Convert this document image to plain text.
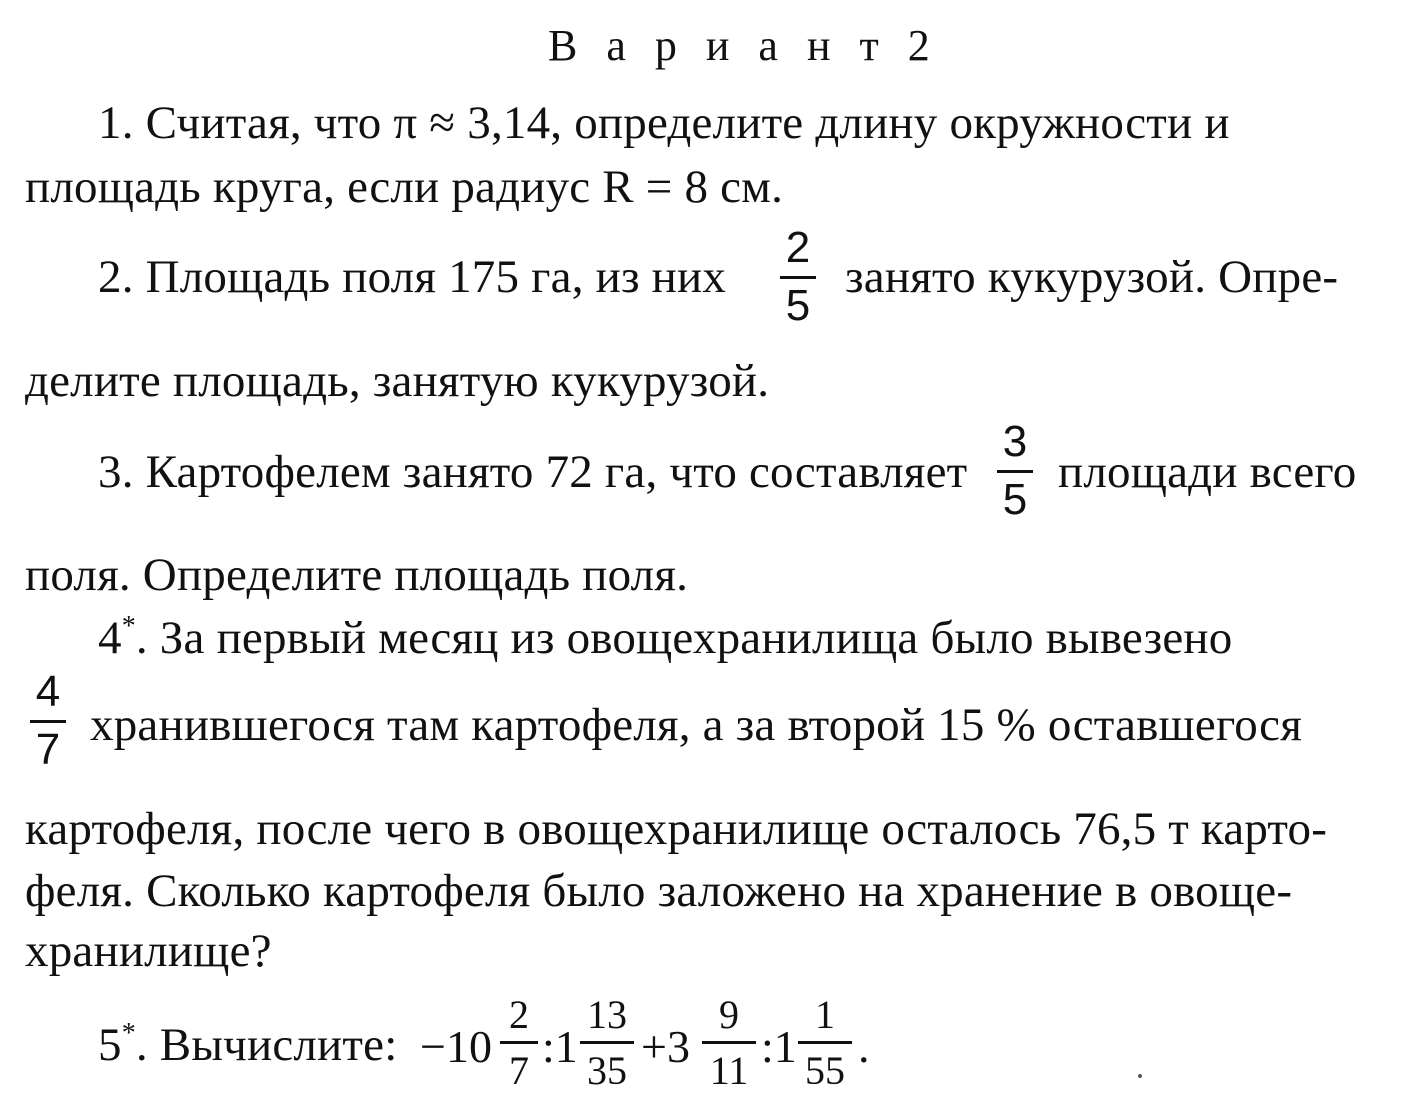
В а р и а н т 2
1. Считая, что π ≈ 3,14, определите длину окружности и
площадь круга, если радиус R = 8 см.
2. Площадь поля 175 га, из них
2
5
занято кукурузой. Опре-
делите площадь, занятую кукурузой.
3. Картофелем занято 72 га, что составляет
3
5
площади всего
поля. Определите площадь поля.
4*. За первый месяц из овощехранилища было вывезено
4
7 хранившегося там картофеля, а за второй 15 % оставшегося
картофеля, после чего в овощехранилище осталось 76,5 т карто-
феля. Сколько картофеля было заложено на хранение в овоще-
хранилище?
5*. Вычислите: −10
2
7 :1
13
35 +3
9
11 :1
1
55 .
